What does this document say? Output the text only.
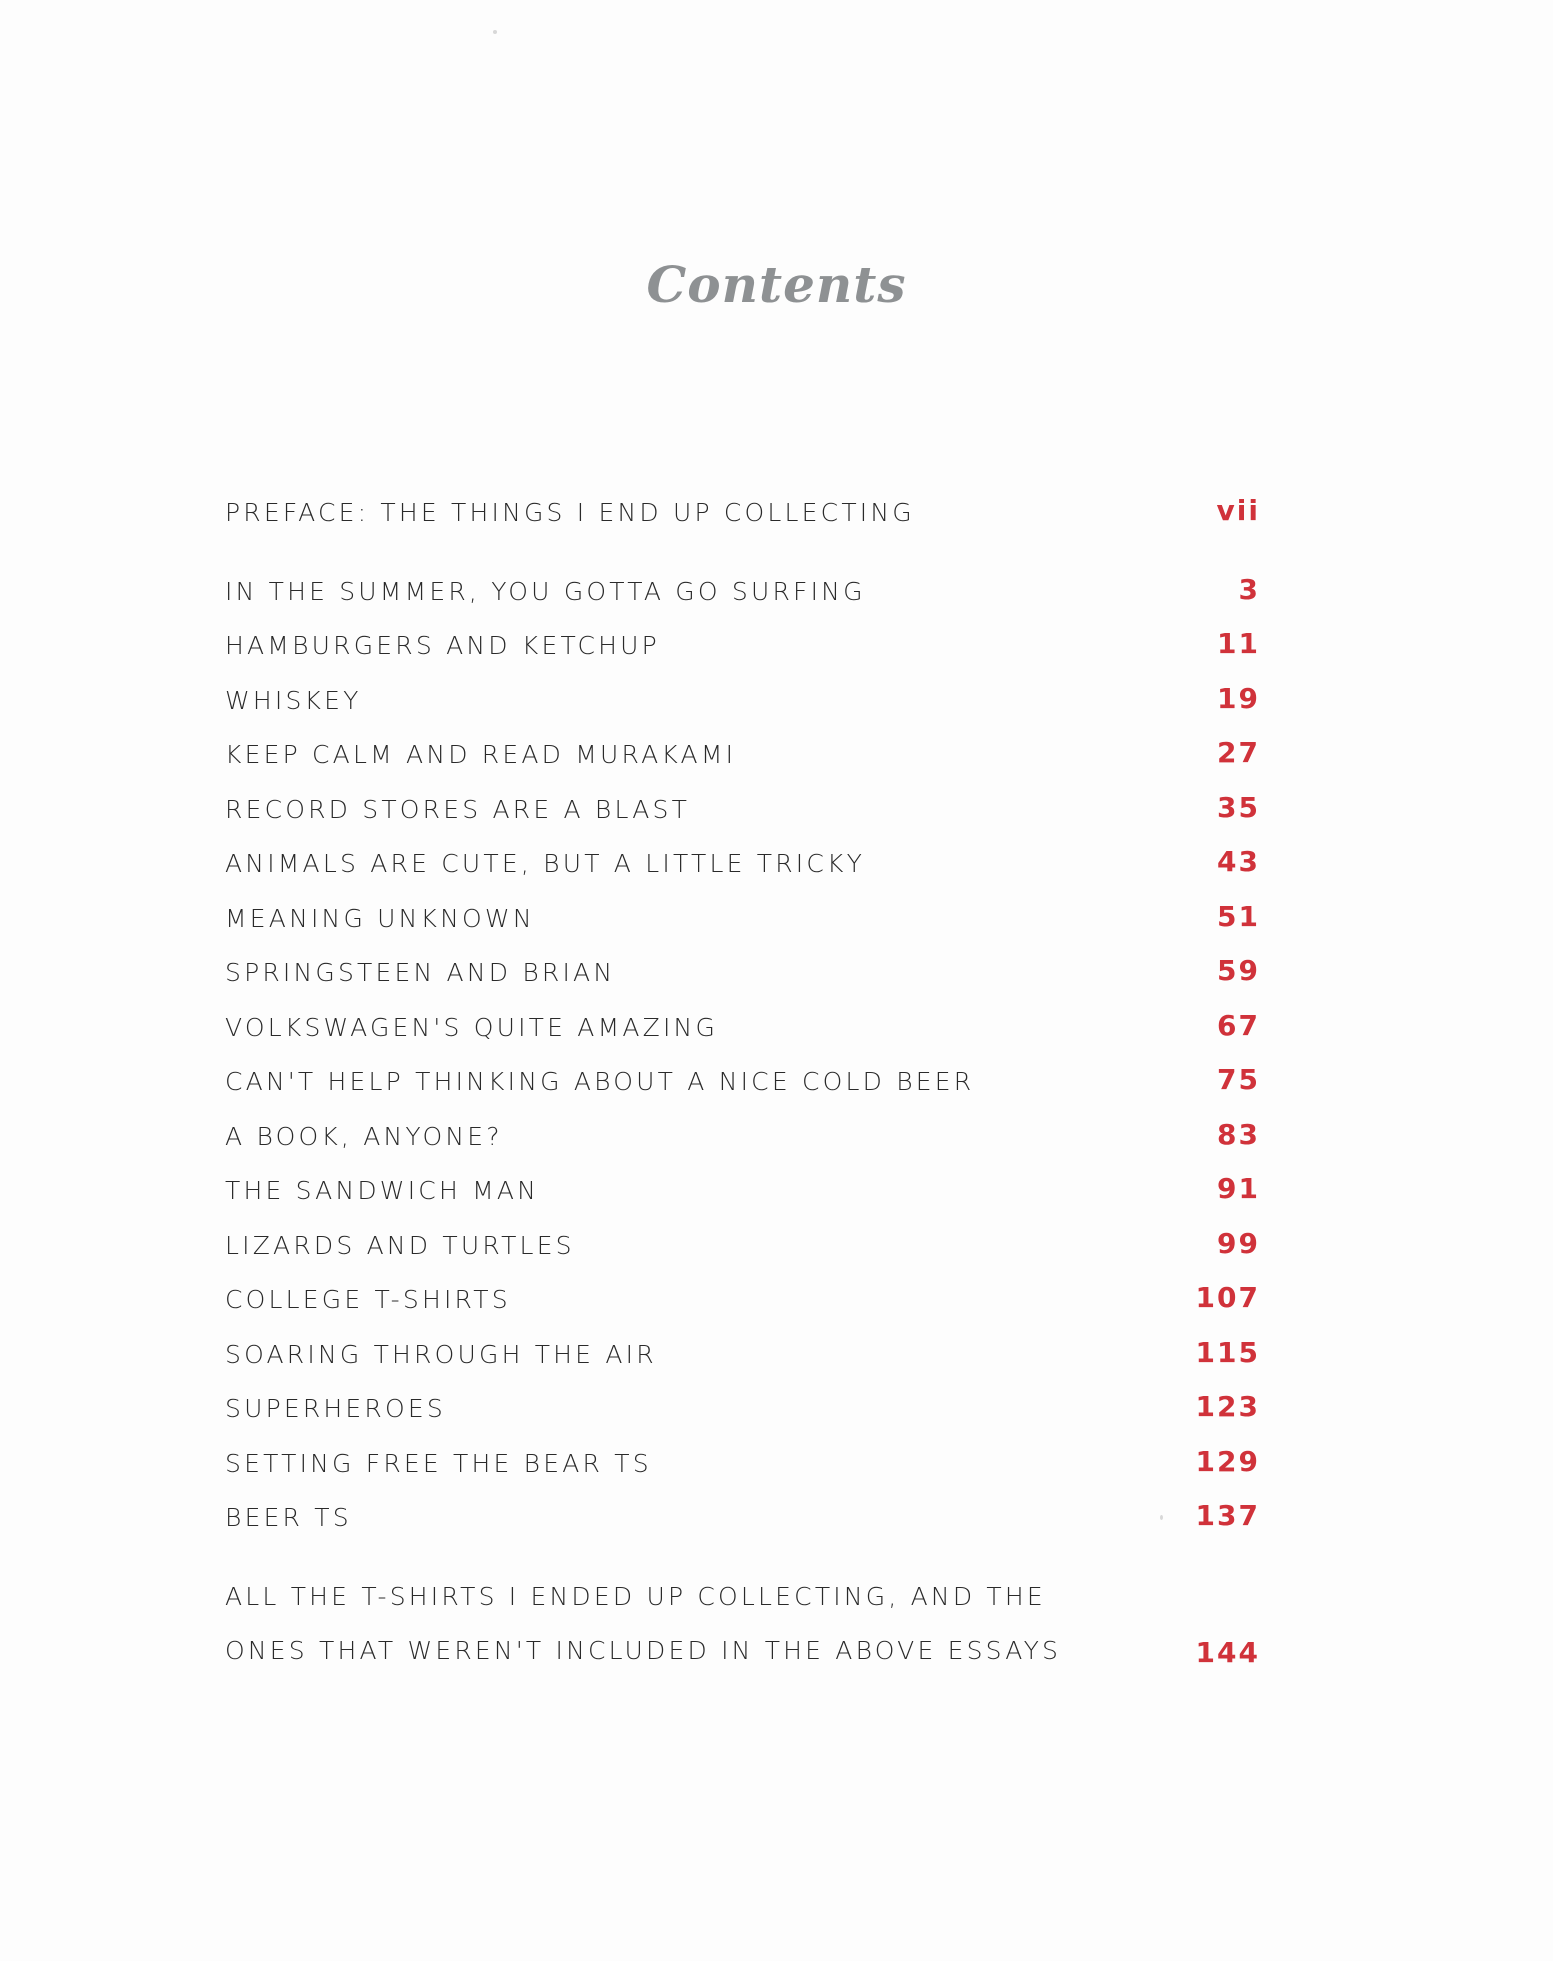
Contents
PREFACE: THE THINGS I END UP COLLECTING	vii
IN THE SUMMER, YOU GOTTA GO SURFING	3
HAMBURGERS AND KETCHUP	11
WHISKEY	19
KEEP CALM AND READ MURAKAMI	27
RECORD STORES ARE A BLAST	35
ANIMALS ARE CUTE, BUT A LITTLE TRICKY	43
MEANING UNKNOWN	51
SPRINGSTEEN AND BRIAN	59
VOLKSWAGEN'S QUITE AMAZING	67
CAN'T HELP THINKING ABOUT A NICE COLD BEER	75
A BOOK, ANYONE?	83
THE SANDWICH MAN	91
LIZARDS AND TURTLES	99
COLLEGE T-SHIRTS	107
SOARING THROUGH THE AIR	115
SUPERHEROES	123
SETTING FREE THE BEAR TS	129
BEER TS	137
ALL THE T-SHIRTS I ENDED UP COLLECTING, AND THE
ONES THAT WEREN'T INCLUDED IN THE ABOVE ESSAYS	144
